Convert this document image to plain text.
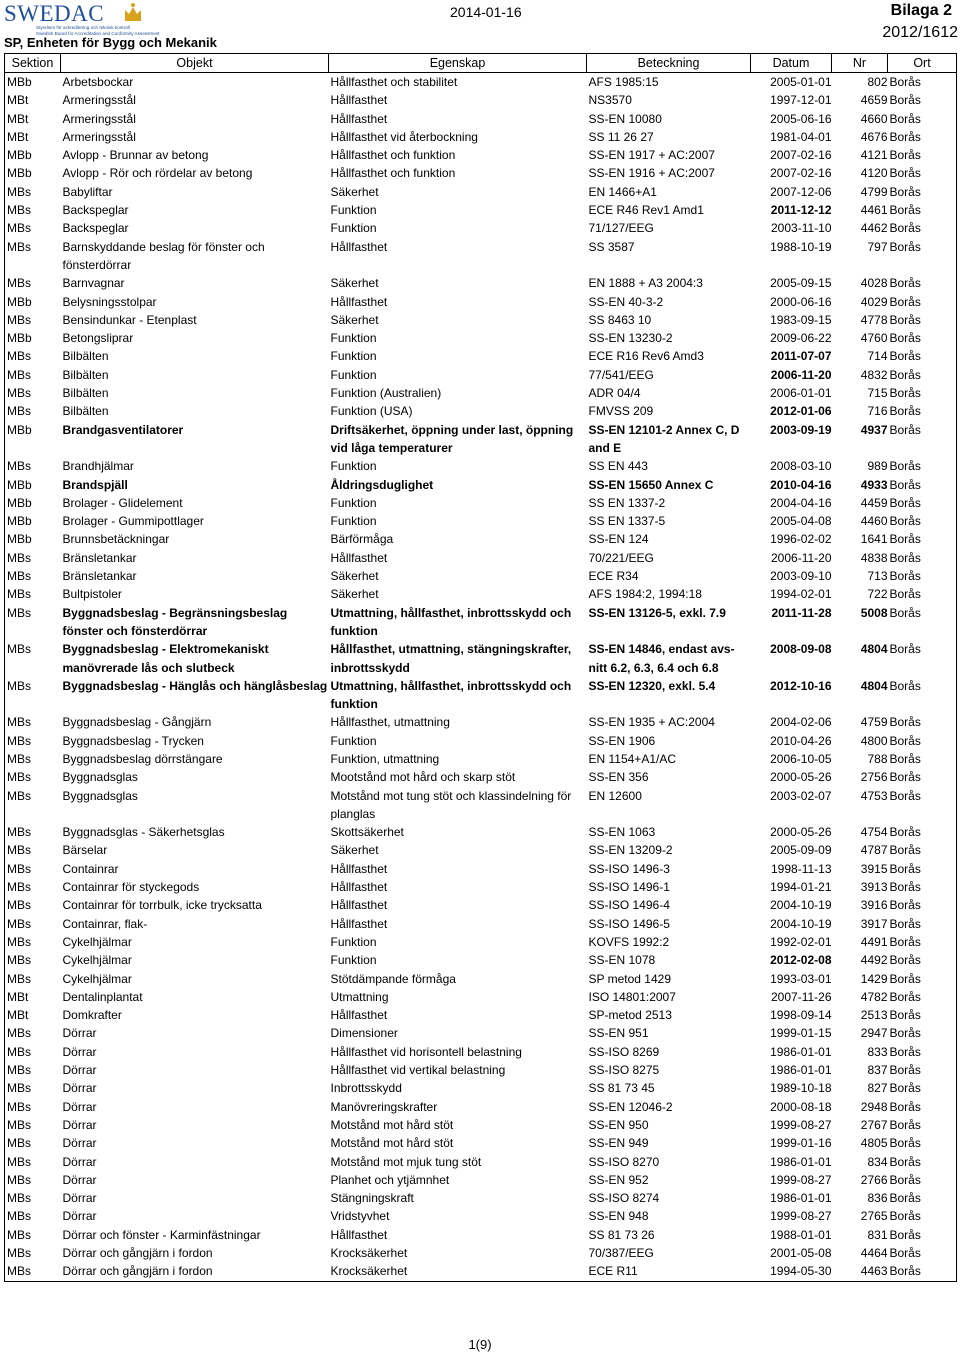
SWEDAC
Styrelsen för ackreditering och teknisk kontroll
Swedish Board for Accreditation and Conformity Assessment
SP, Enheten för Bygg och Mekanik
2014-01-16	Bilaga 2
2012/1612
Sektion	Objekt	Egenskap	Beteckning	Datum	Nr	Ort
MBb	Arbetsbockar	Hållfasthet och stabilitet	AFS 1985:15	2005-01-01	802	Borås
MBt	Armeringsstål	Hållfasthet	NS3570	1997-12-01	4659	Borås
MBt	Armeringsstål	Hållfasthet	SS-EN 10080	2005-06-16	4660	Borås
MBt	Armeringsstål	Hållfasthet vid återbockning	SS 11 26 27	1981-04-01	4676	Borås
MBb	Avlopp - Brunnar av betong	Hållfasthet och funktion	SS-EN 1917 + AC:2007	2007-02-16	4121	Borås
MBb	Avlopp - Rör och rördelar av betong	Hållfasthet och funktion	SS-EN 1916 + AC:2007	2007-02-16	4120	Borås
MBs	Babyliftar	Säkerhet	EN 1466+A1	2007-12-06	4799	Borås
MBs	Backspeglar	Funktion	ECE R46 Rev1 Amd1	2011-12-12	4461	Borås
MBs	Backspeglar	Funktion	71/127/EEG	2003-11-10	4462	Borås
MBs	Barnskyddande beslag för fönster och fönsterdörrar	Hållfasthet	SS 3587	1988-10-19	797	Borås
MBs	Barnvagnar	Säkerhet	EN 1888 + A3 2004:3	2005-09-15	4028	Borås
MBb	Belysningsstolpar	Hållfasthet	SS-EN 40-3-2	2000-06-16	4029	Borås
MBs	Bensindunkar - Etenplast	Säkerhet	SS 8463 10	1983-09-15	4778	Borås
MBb	Betongsliprar	Funktion	SS-EN 13230-2	2009-06-22	4760	Borås
MBs	Bilbälten	Funktion	ECE R16 Rev6 Amd3	2011-07-07	714	Borås
MBs	Bilbälten	Funktion	77/541/EEG	2006-11-20	4832	Borås
MBs	Bilbälten	Funktion (Australien)	ADR 04/4	2006-01-01	715	Borås
MBs	Bilbälten	Funktion (USA)	FMVSS 209	2012-01-06	716	Borås
MBb	Brandgasventilatorer	Driftsäkerhet, öppning under last, öppning vid låga temperaturer	SS-EN 12101-2 Annex C, D and E	2003-09-19	4937	Borås
MBs	Brandhjälmar	Funktion	SS EN 443	2008-03-10	989	Borås
MBb	Brandspjäll	Åldringsduglighet	SS-EN 15650 Annex C	2010-04-16	4933	Borås
MBb	Brolager - Glidelement	Funktion	SS EN 1337-2	2004-04-16	4459	Borås
MBb	Brolager - Gummipottlager	Funktion	SS EN 1337-5	2005-04-08	4460	Borås
MBb	Brunnsbetäckningar	Bärförmåga	SS-EN 124	1996-02-02	1641	Borås
MBs	Bränsletankar	Hållfasthet	70/221/EEG	2006-11-20	4838	Borås
MBs	Bränsletankar	Säkerhet	ECE R34	2003-09-10	713	Borås
MBs	Bultpistoler	Säkerhet	AFS 1984:2, 1994:18	1994-02-01	722	Borås
MBs	Byggnadsbeslag - Begränsningsbeslag fönster och fönsterdörrar	Utmattning, hållfasthet, inbrottsskydd och funktion	SS-EN 13126-5, exkl. 7.9	2011-11-28	5008	Borås
MBs	Byggnadsbeslag - Elektromekaniskt manövrerade lås och slutbeck	Hållfasthet, utmattning, stängningskrafter, inbrottsskydd	SS-EN 14846, endast avs-nitt 6.2, 6.3, 6.4 och 6.8	2008-09-08	4804	Borås
MBs	Byggnadsbeslag - Hänglås och hänglåsbeslag	Utmattning, hållfasthet, inbrottsskydd och funktion	SS-EN 12320, exkl. 5.4	2012-10-16	4804	Borås
MBs	Byggnadsbeslag - Gångjärn	Hållfasthet, utmattning	SS-EN 1935 + AC:2004	2004-02-06	4759	Borås
MBs	Byggnadsbeslag - Trycken	Funktion	SS-EN 1906	2010-04-26	4800	Borås
MBs	Byggnadsbeslag dörrstängare	Funktion, utmattning	EN 1154+A1/AC	2006-10-05	788	Borås
MBs	Byggnadsglas	Mootstånd mot hård och skarp stöt	SS-EN 356	2000-05-26	2756	Borås
MBs	Byggnadsglas	Motstånd mot tung stöt och klassindelning för planglas	EN 12600	2003-02-07	4753	Borås
MBs	Byggnadsglas - Säkerhetsglas	Skottsäkerhet	SS-EN 1063	2000-05-26	4754	Borås
MBs	Bärselar	Säkerhet	SS-EN 13209-2	2005-09-09	4787	Borås
MBs	Containrar	Hållfasthet	SS-ISO 1496-3	1998-11-13	3915	Borås
MBs	Containrar för styckegods	Hållfasthet	SS-ISO 1496-1	1994-01-21	3913	Borås
MBs	Containrar för torrbulk, icke trycksatta	Hållfasthet	SS-ISO 1496-4	2004-10-19	3916	Borås
MBs	Containrar, flak-	Hållfasthet	SS-ISO 1496-5	2004-10-19	3917	Borås
MBs	Cykelhjälmar	Funktion	KOVFS 1992:2	1992-02-01	4491	Borås
MBs	Cykelhjälmar	Funktion	SS-EN 1078	2012-02-08	4492	Borås
MBs	Cykelhjälmar	Stötdämpande förmåga	SP metod 1429	1993-03-01	1429	Borås
MBt	Dentalinplantat	Utmattning	ISO 14801:2007	2007-11-26	4782	Borås
MBt	Domkrafter	Hållfasthet	SP-metod 2513	1998-09-14	2513	Borås
MBs	Dörrar	Dimensioner	SS-EN 951	1999-01-15	2947	Borås
MBs	Dörrar	Hållfasthet vid horisontell belastning	SS-ISO 8269	1986-01-01	833	Borås
MBs	Dörrar	Hållfasthet vid vertikal belastning	SS-ISO 8275	1986-01-01	837	Borås
MBs	Dörrar	Inbrottsskydd	SS 81 73 45	1989-10-18	827	Borås
MBs	Dörrar	Manövreringskrafter	SS-EN 12046-2	2000-08-18	2948	Borås
MBs	Dörrar	Motstånd mot hård stöt	SS-EN 950	1999-08-27	2767	Borås
MBs	Dörrar	Motstånd mot hård stöt	SS-EN 949	1999-01-16	4805	Borås
MBs	Dörrar	Motstånd mot mjuk tung stöt	SS-ISO 8270	1986-01-01	834	Borås
MBs	Dörrar	Planhet och ytjämnhet	SS-EN 952	1999-08-27	2766	Borås
MBs	Dörrar	Stängningskraft	SS-ISO 8274	1986-01-01	836	Borås
MBs	Dörrar	Vridstyvhet	SS-EN 948	1999-08-27	2765	Borås
MBs	Dörrar och fönster - Karminfästningar	Hållfasthet	SS 81 73 26	1988-01-01	831	Borås
MBs	Dörrar och gångjärn i fordon	Krocksäkerhet	70/387/EEG	2001-05-08	4464	Borås
MBs	Dörrar och gångjärn i fordon	Krocksäkerhet	ECE R11	1994-05-30	4463	Borås
1(9)
